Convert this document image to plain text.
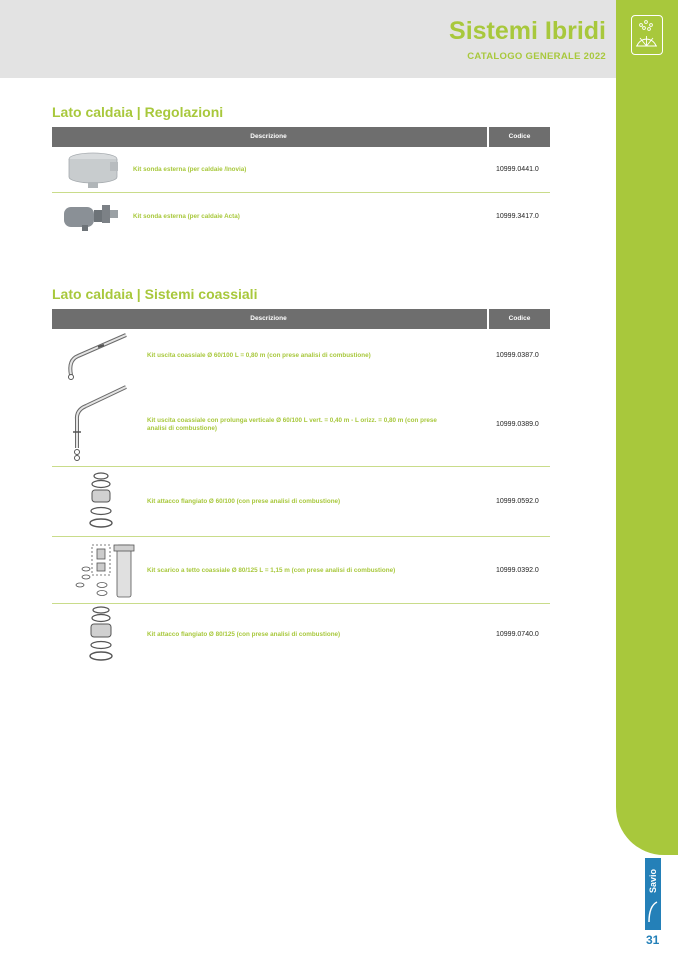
Sistemi Ibridi
CATALOGO GENERALE 2022
Lato caldaia | Regolazioni
Descrizione	Codice
Kit sonda esterna (per caldaie /Inovia)	10999.0441.0
Kit sonda esterna (per caldaie Acta)	10999.3417.0
Lato caldaia | Sistemi coassiali
Descrizione	Codice
Kit uscita coassiale Ø 60/100 L = 0,80 m (con prese analisi di combustione)	10999.0387.0
Kit uscita coassiale con prolunga verticale Ø 60/100 L vert. = 0,40 m - L orizz. = 0,80 m (con prese analisi di combustione)	10999.0389.0
Kit attacco flangiato Ø 60/100 (con prese analisi di combustione)	10999.0592.0
Kit scarico a tetto coassiale Ø 80/125 L = 1,15 m (con prese analisi di combustione)	10999.0392.0
Kit attacco flangiato Ø 80/125 (con prese analisi di combustione)	10999.0740.0
Savio
31
